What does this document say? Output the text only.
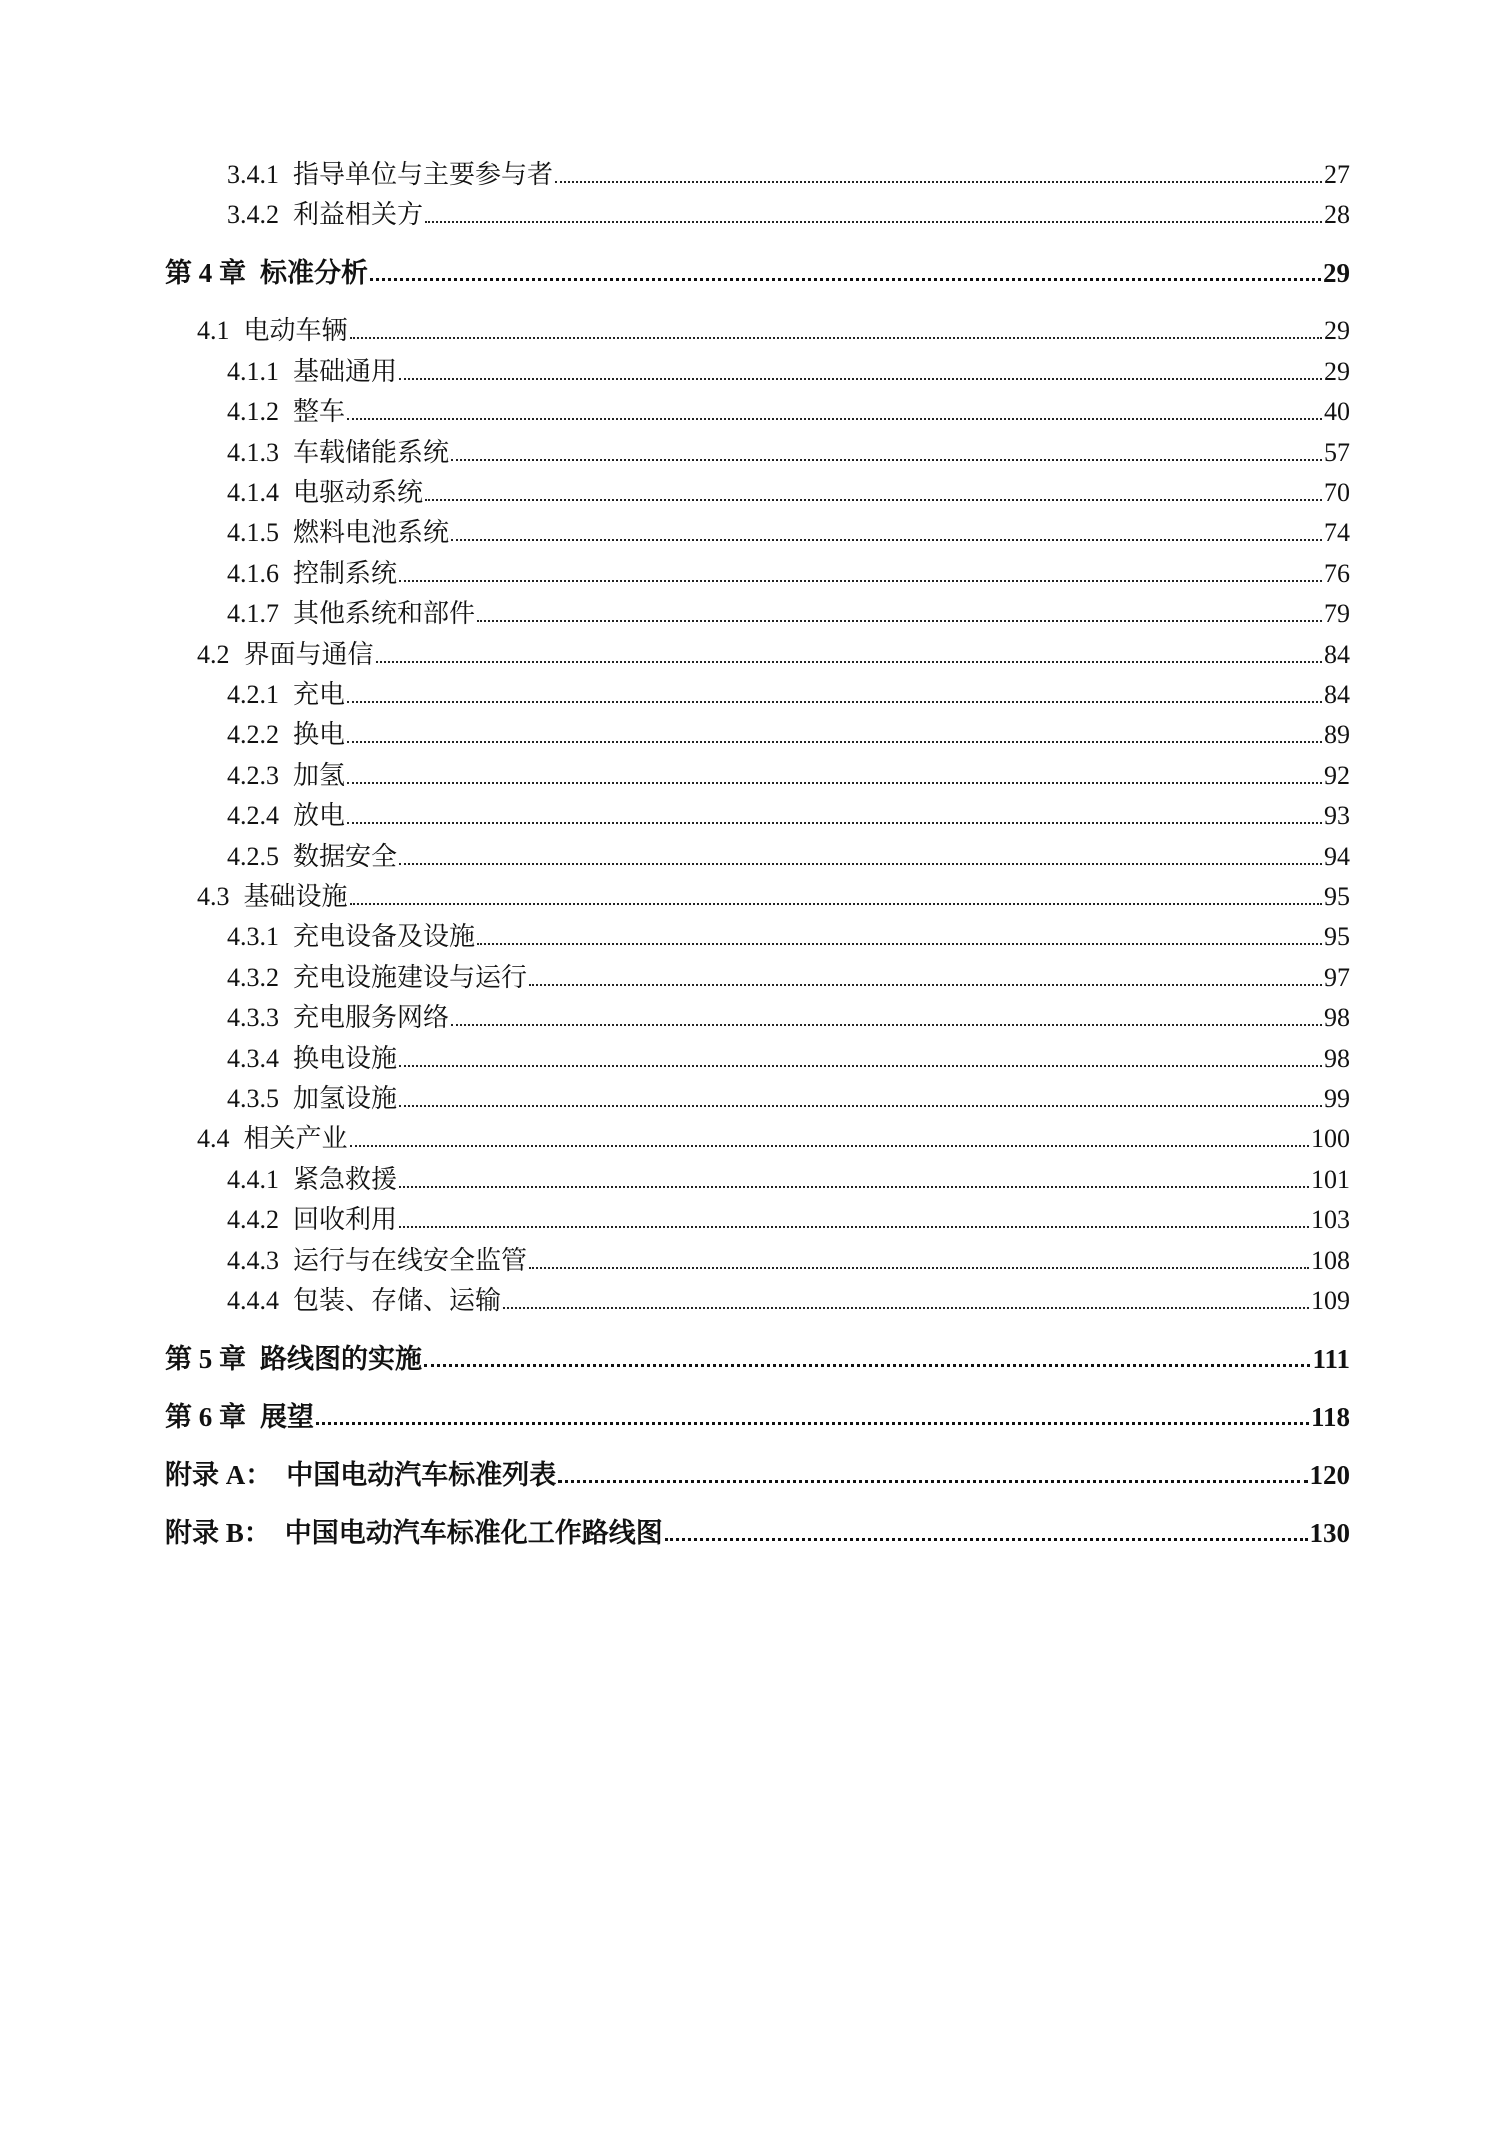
3.4.1 指导单位与主要参与者	27
3.4.2 利益相关方	28
第 4 章 标准分析	29
4.1 电动车辆	29
4.1.1 基础通用	29
4.1.2 整车	40
4.1.3 车载储能系统	57
4.1.4 电驱动系统	70
4.1.5 燃料电池系统	74
4.1.6 控制系统	76
4.1.7 其他系统和部件	79
4.2 界面与通信	84
4.2.1 充电	84
4.2.2 换电	89
4.2.3 加氢	92
4.2.4 放电	93
4.2.5 数据安全	94
4.3 基础设施	95
4.3.1 充电设备及设施	95
4.3.2 充电设施建设与运行	97
4.3.3 充电服务网络	98
4.3.4 换电设施	98
4.3.5 加氢设施	99
4.4 相关产业	100
4.4.1 紧急救援	101
4.4.2 回收利用	103
4.4.3 运行与在线安全监管	108
4.4.4 包装、存储、运输	109
第 5 章 路线图的实施	111
第 6 章 展望	118
附录 A： 中国电动汽车标准列表	120
附录 B： 中国电动汽车标准化工作路线图	130
